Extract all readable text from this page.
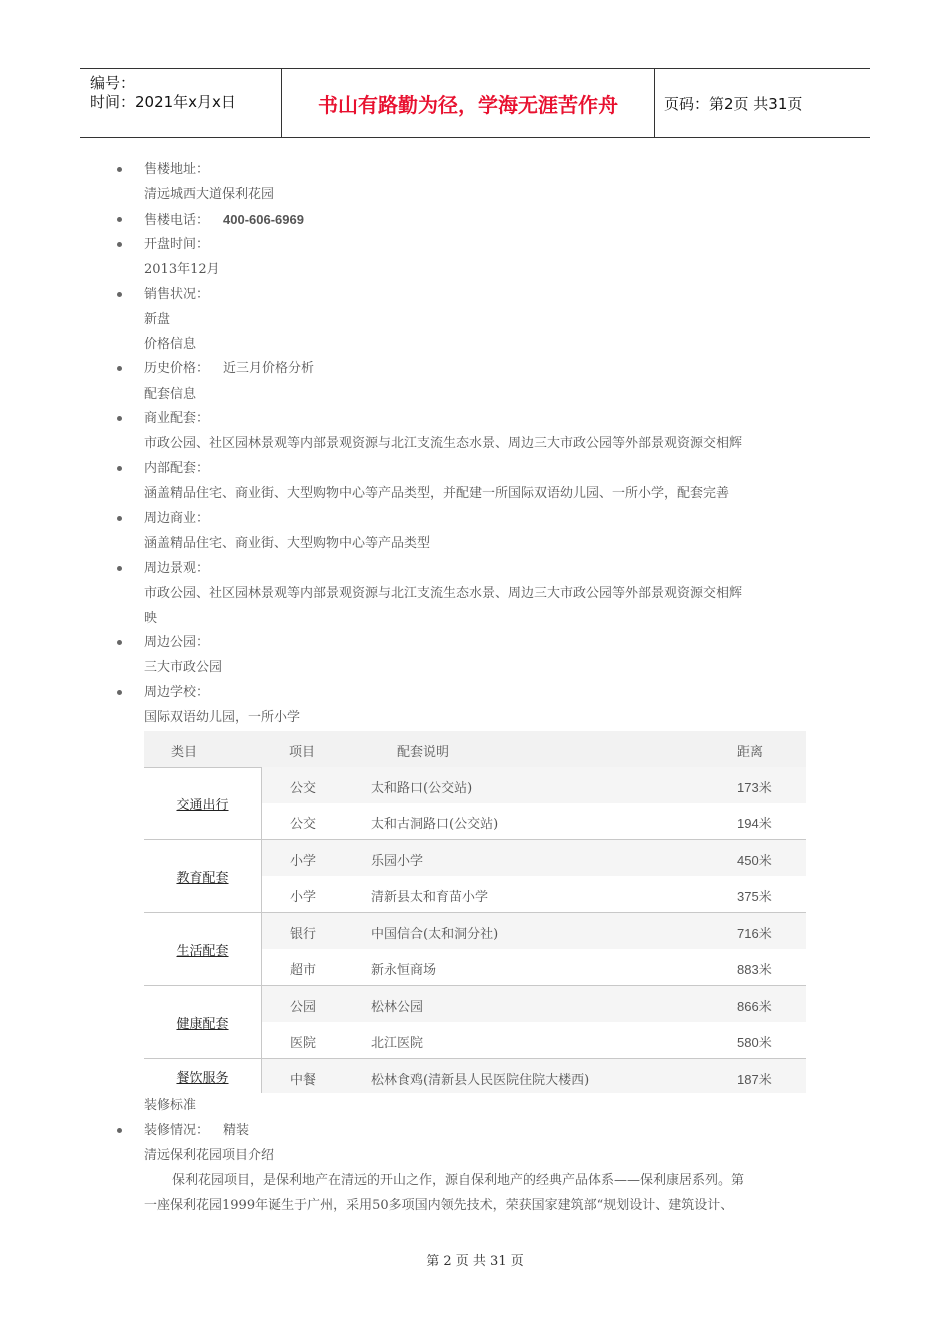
编号：
时间：2021年x月x日	书山有路勤为径，学海无涯苦作舟	页码：第2页 共31页
售楼地址：
清远城西大道保利花园
售楼电话： 400-606-6969
开盘时间：
2013年12月
销售状况：
新盘
价格信息
历史价格： 近三月价格分析
配套信息
商业配套：
市政公园、社区园林景观等内部景观资源与北江支流生态水景、周边三大市政公园等外部景观资源交相辉
内部配套：
涵盖精品住宅、商业街、大型购物中心等产品类型，并配建一所国际双语幼儿园、一所小学，配套完善
周边商业：
涵盖精品住宅、商业街、大型购物中心等产品类型
周边景观：
市政公园、社区园林景观等内部景观资源与北江支流生态水景、周边三大市政公园等外部景观资源交相辉
映
周边公园：
三大市政公园
周边学校：
国际双语幼儿园，一所小学
类目	项目	配套说明	距离
交通出行
公交	太和路口(公交站)	173米
公交	太和古洞路口(公交站)	194米
教育配套
小学	乐园小学	450米
小学	清新县太和育苗小学	375米
生活配套
银行	中国信合(太和洞分社)	716米
超市	新永恒商场	883米
健康配套
公园	松林公园	866米
医院	北江医院	580米
餐饮服务	中餐	松林食鸡(清新县人民医院住院大楼西)	187米
装修标准
装修情况： 精装
清远保利花园项目介绍
保利花园项目，是保利地产在清远的开山之作，源自保利地产的经典产品体系——保利康居系列。第
一座保利花园1999年诞生于广州，采用50多项国内领先技术，荣获国家建筑部“规划设计、建筑设计、
第 2 页 共 31 页
